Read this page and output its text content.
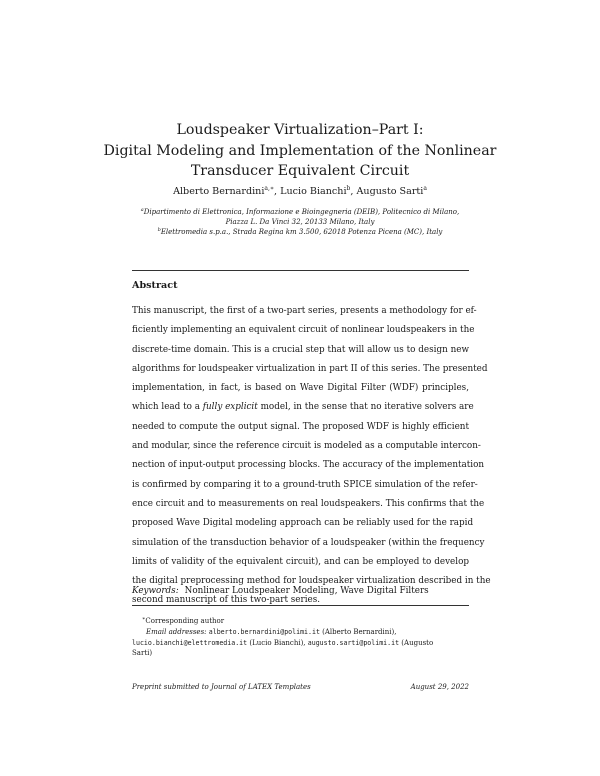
Loudspeaker Virtualization–Part I:
Digital Modeling and Implementation of the Nonlinear
Transducer Equivalent Circuit
Alberto Bernardini$^{a,∗}$, Lucio Bianchi$^b$, Augusto Sarti$^a$
$^a$Dipartimento di Elettronica, Informazione e Bioingegneria (DEIB), Politecnico di Milano,
Piazza L. Da Vinci 32, 20133 Milano, Italy
$^b$Elettromedia s.p.a., Strada Regina km 3.500, 62018 Potenza Picena (MC), Italy
Abstract
This manuscript, the first of a two-part series, presents a methodology for ef-
ficiently implementing an equivalent circuit of nonlinear loudspeakers in the
discrete-time domain. This is a crucial step that will allow us to design new
algorithms for loudspeaker virtualization in part II of this series. The presented
implementation, in fact, is based on Wave Digital Filter (WDF) principles,
which lead to a fully explicit model, in the sense that no iterative solvers are
needed to compute the output signal. The proposed WDF is highly efficient
and modular, since the reference circuit is modeled as a computable intercon-
nection of input-output processing blocks. The accuracy of the implementation
is confirmed by comparing it to a ground-truth SPICE simulation of the refer-
ence circuit and to measurements on real loudspeakers. This confirms that the
proposed Wave Digital modeling approach can be reliably used for the rapid
simulation of the transduction behavior of a loudspeaker (within the frequency
limits of validity of the equivalent circuit), and can be employed to develop
the digital preprocessing method for loudspeaker virtualization described in the
second manuscript of this two-part series.
Keywords: Nonlinear Loudspeaker Modeling, Wave Digital Filters
∗Corresponding author
Email addresses: alberto.bernardini@polimi.it (Alberto Bernardini),
lucio.bianchi@elettromedia.it (Lucio Bianchi), augusto.sarti@polimi.it (Augusto
Sarti)
Preprint submitted to Journal of LATEX Templates	August 29, 2022
